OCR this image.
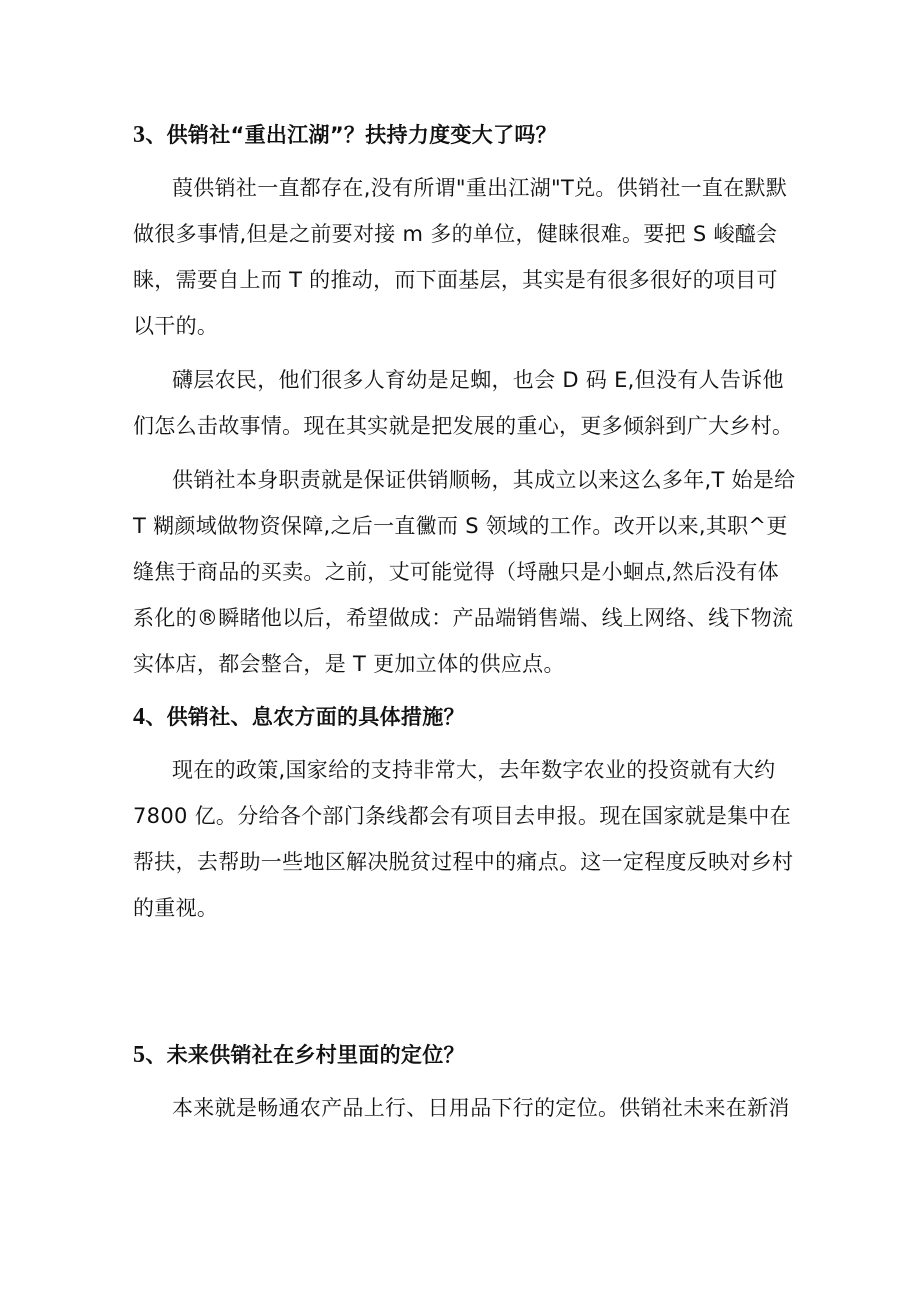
3、供销社“重出江湖”？扶持力度变大了吗？
葭供销社一直都存在,没有所谓"重出江湖"T兑。供销社一直在默默
做很多事情,但是之前要对接 m 多的单位，健睐很难。要把 S 峻醯会
睐，需要自上而 T 的推动，而下面基层，其实是有很多很好的项目可
以干的。
礴层农民，他们很多人育幼是足蜘，也会 D 码 E,但没有人告诉他
们怎么击故事情。现在其实就是把发展的重心，更多倾斜到广大乡村。
供销社本身职责就是保证供销顺畅，其成立以来这么多年,T 始是给
T 糊颜域做物资保障,之后一直黴而 S 领域的工作。改开以来,其职^更
缝焦于商品的买卖。之前，丈可能觉得（埒融只是小蛔点,然后没有体
系化的®瞬睹他以后，希望做成：产品端销售端、线上网络、线下物流
实体店，都会整合，是 T 更加立体的供应点。
4、供销社、息农方面的具体措施？
现在的政策,国家给的支持非常大，去年数字农业的投资就有大约
7800 亿。分给各个部门条线都会有项目去申报。现在国家就是集中在
帮扶，去帮助一些地区解决脱贫过程中的痛点。这一定程度反映对乡村
的重视。
5、未来供销社在乡村里面的定位？
本来就是畅通农产品上行、日用品下行的定位。供销社未来在新消
